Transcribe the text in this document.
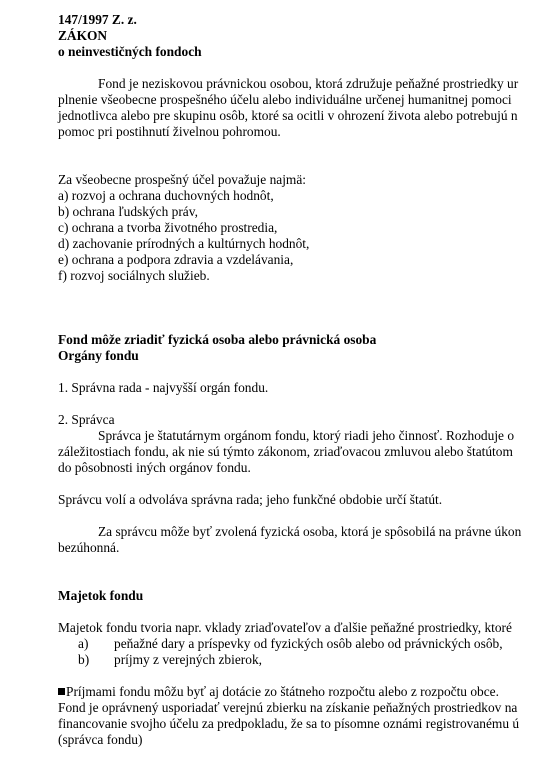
147/1997 Z. z.
ZÁKON
o neinvestičných fondoch
Fond je neziskovou právnickou osobou, ktorá združuje peňažné prostriedky ur
plnenie všeobecne prospešného účelu alebo individuálne určenej humanitnej pomoci
jednotlivca alebo pre skupinu osôb, ktoré sa ocitli v ohrození života alebo potrebujú n
pomoc pri postihnutí živelnou pohromou.
Za všeobecne prospešný účel považuje najmä:
a) rozvoj a ochrana duchovných hodnôt,
b) ochrana ľudských práv,
c) ochrana a tvorba životného prostredia,
d) zachovanie prírodných a kultúrnych hodnôt,
e) ochrana a podpora zdravia a vzdelávania,
f) rozvoj sociálnych služieb.
Fond môže zriadiť fyzická osoba alebo právnická osoba
Orgány fondu
1. Správna rada - najvyšší orgán fondu.
2. Správca
Správca je štatutárnym orgánom fondu, ktorý riadi jeho činnosť. Rozhoduje o
záležitostiach fondu, ak nie sú týmto zákonom, zriaďovacou zmluvou alebo štatútom
do pôsobnosti iných orgánov fondu.
Správcu volí a odvoláva správna rada; jeho funkčné obdobie určí štatút.
Za správcu môže byť zvolená fyzická osoba, ktorá je spôsobilá na právne úkon
bezúhonná.
Majetok fondu
Majetok fondu tvoria napr. vklady zriaďovateľov a ďalšie peňažné prostriedky, ktoré
a)	peňažné dary a príspevky od fyzických osôb alebo od právnických osôb,
b)	príjmy z verejných zbierok,
Príjmami fondu môžu byť aj dotácie zo štátneho rozpočtu alebo z rozpočtu obce.
Fond je oprávnený usporiadať verejnú zbierku na získanie peňažných prostriedkov na
financovanie svojho účelu za predpokladu, že sa to písomne oznámi registrovanému ú
(správca fondu)
